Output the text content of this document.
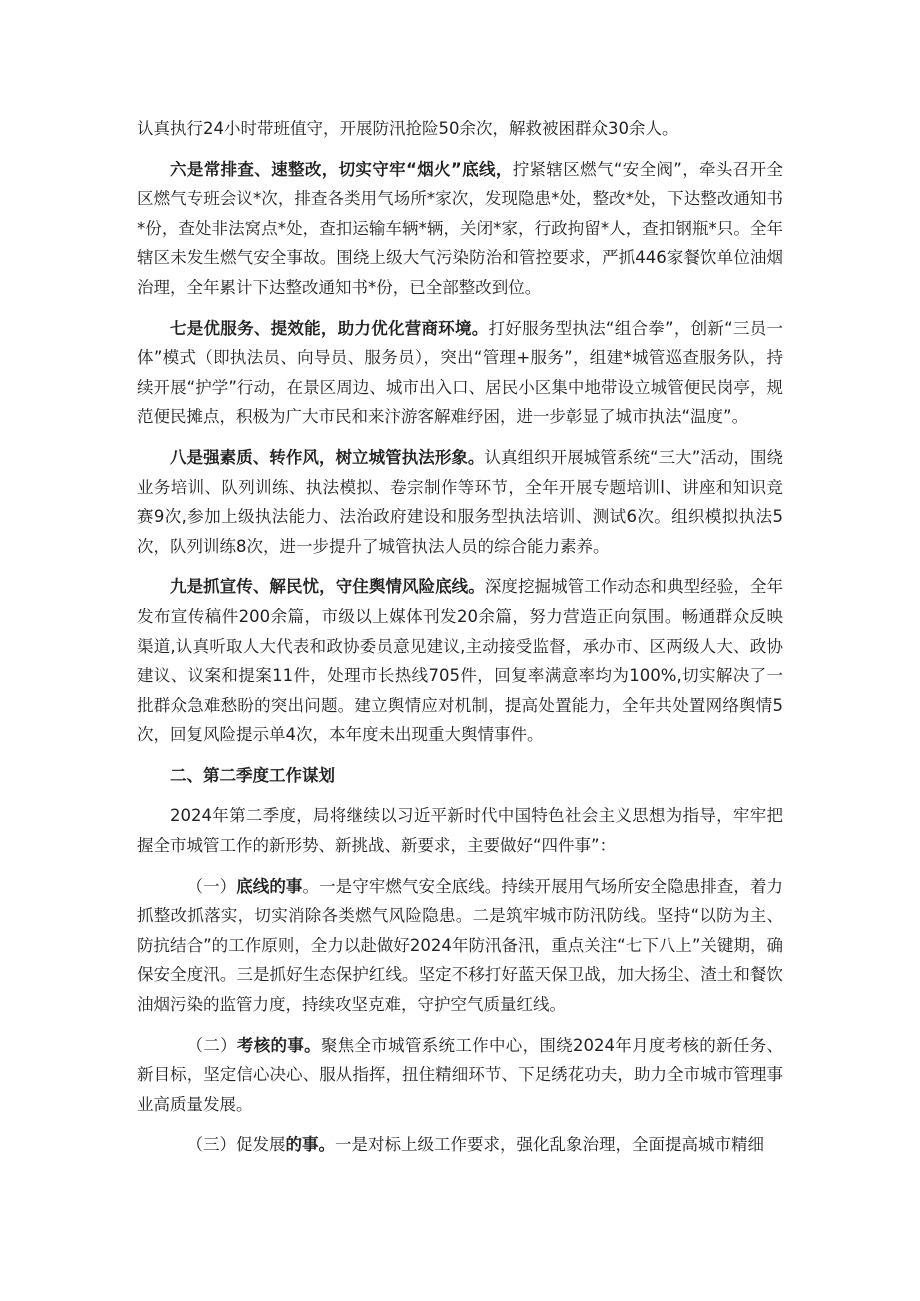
认真执行24小时带班值守，开展防汛抢险50余次，解救被困群众30余人。

六是常排查、速整改，切实守牢“烟火”底线，拧紧辖区燃气“安全阀”，牵头召开全区燃气专班会议*次，排查各类用气场所*家次，发现隐患*处，整改*处，下达整改通知书*份，查处非法窝点*处，查扣运输车辆*辆，关闭*家，行政拘留*人，查扣钢瓶*只。全年辖区未发生燃气安全事故。围绕上级大气污染防治和管控要求，严抓446家餐饮单位油烟治理，全年累计下达整改通知书*份，已全部整改到位。

七是优服务、提效能，助力优化营商环境。打好服务型执法“组合拳”，创新“三员一体”模式（即执法员、向导员、服务员），突出“管理+服务”，组建*城管巡查服务队，持续开展“护学”行动，在景区周边、城市出入口、居民小区集中地带设立城管便民岗亭，规范便民摊点，积极为广大市民和来汴游客解难纾困，进一步彰显了城市执法“温度”。

八是强素质、转作风，树立城管执法形象。认真组织开展城管系统“三大”活动，围绕业务培训、队列训练、执法模拟、卷宗制作等环节，全年开展专题培训l、讲座和知识竞赛9次,参加上级执法能力、法治政府建设和服务型执法培训、测试6次。组织模拟执法5次，队列训练8次，进一步提升了城管执法人员的综合能力素养。

九是抓宣传、解民忧，守住舆情风险底线。深度挖掘城管工作动态和典型经验，全年发布宣传稿件200余篇，市级以上媒体刊发20余篇，努力营造正向氛围。畅通群众反映渠道,认真听取人大代表和政协委员意见建议,主动接受监督，承办市、区两级人大、政协建议、议案和提案11件，处理市长热线705件，回复率满意率均为100%,切实解决了一批群众急难愁盼的突出问题。建立舆情应对机制，提高处置能力，全年共处置网络舆情5次，回复风险提示单4次，本年度未出现重大舆情事件。

二、第二季度工作谋划

2024年第二季度，局将继续以习近平新时代中国特色社会主义思想为指导，牢牢把握全市城管工作的新形势、新挑战、新要求，主要做好“四件事”：

（一）底线的事。一是守牢燃气安全底线。持续开展用气场所安全隐患排查，着力抓整改抓落实，切实消除各类燃气风险隐患。二是筑牢城市防汛防线。坚持“以防为主、防抗结合”的工作原则，全力以赴做好2024年防汛备汛，重点关注“七下八上”关键期，确保安全度汛。三是抓好生态保护红线。坚定不移打好蓝天保卫战，加大扬尘、渣土和餐饮油烟污染的监管力度，持续攻坚克难，守护空气质量红线。

（二）考核的事。聚焦全市城管系统工作中心，围绕2024年月度考核的新任务、新目标，坚定信心决心、服从指挥，扭住精细环节、下足绣花功夫，助力全市城市管理事业高质量发展。

（三）促发展的事。一是对标上级工作要求，强化乱象治理，全面提高城市精细
